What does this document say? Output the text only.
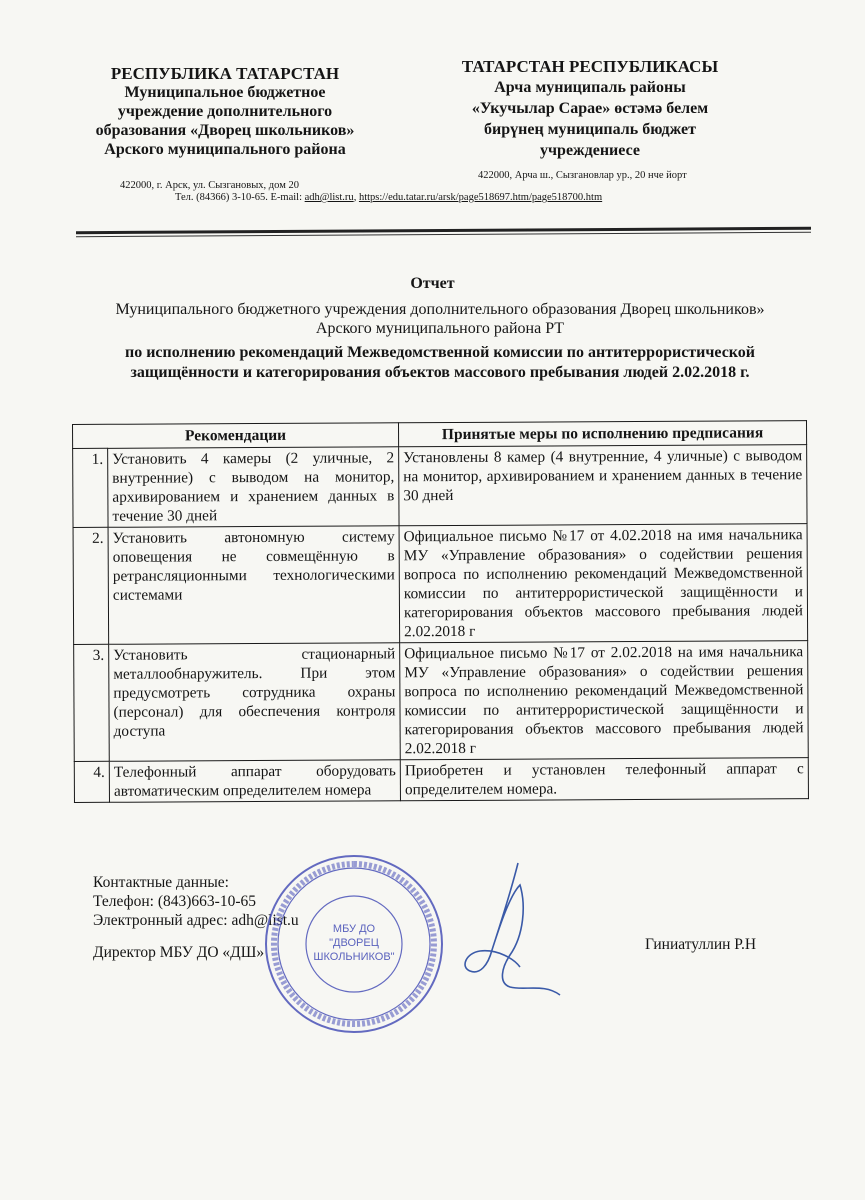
РЕСПУБЛИКА ТАТАРСТАН
Муниципальное бюджетное
учреждение дополнительного
образования «Дворец школьников»
Арского муниципального района
ТАТАРСТАН РЕСПУБЛИКАСЫ
Арча муниципаль районы
«Укучылар Сарае» өстәмә белем
бирүнең муниципаль бюджет
учреждениесе
422000, г. Арск, ул. Сызгановых, дом 20
422000, Арча ш., Сызгановлар ур., 20 нче йорт
Тел. (84366) 3-10-65. E-mail: adh@list.ru, https://edu.tatar.ru/arsk/page518697.htm/page518700.htm
Отчет
Муниципального бюджетного учреждения дополнительного образования Дворец школьников»
Арского муниципального района РТ
по исполнению рекомендаций Межведомственной комиссии по антитеррористической
защищённости и категорирования объектов массового пребывания людей 2.02.2018 г.
Рекомендации		Принятые меры по исполнению предписания
1.	Установить 4 камеры (2 уличные, 2 внутренние) с выводом на монитор, архивированием и хранением данных в течение 30 дней	Установлены 8 камер (4 внутренние, 4 уличные) с выводом на монитор, архивированием и хранением данных в течение 30 дней
2.	Установить автономную систему оповещения не совмещённую в ретрансляционными технологическими системами	Официальное письмо №17 от 4.02.2018 на имя начальника МУ «Управление образования» о содействии решения вопроса по исполнению рекомендаций Межведомственной комиссии по антитеррористической защищённости и категорирования объектов массового пребывания людей 2.02.2018 г
3.	Установить стационарный металлообнаружитель. При этом предусмотреть сотрудника охраны (персонал) для обеспечения контроля доступа	Официальное письмо №17 от 2.02.2018 на имя начальника МУ «Управление образования» о содействии решения вопроса по исполнению рекомендаций Межведомственной комиссии по антитеррористической защищённости и категорирования объектов массового пребывания людей 2.02.2018 г
4.	Телефонный аппарат оборудовать автоматическим определителем номера	Приобретен и установлен телефонный аппарат с определителем номера.
Контактные данные:
Телефон: (843)663-10-65
Электронный адрес: adh@list.u
Директор МБУ ДО «ДШ»	Гиниатуллин Р.Н
МБУ ДО
"ДВОРЕЦ
ШКОЛЬНИКОВ"
